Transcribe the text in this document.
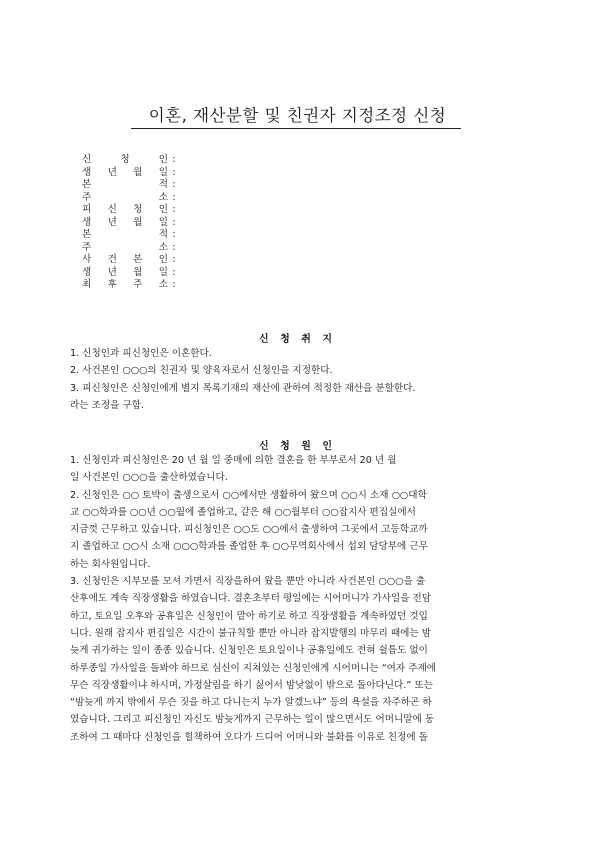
이혼, 재산분할 및 친권자 지정조정 신청
신	청	인 :
생 년 월 일 :
본	적 :
주	소 :
피 신 청 인 :
생 년 월 일 :
본	적 :
주	소 :
사 건 본 인 :
생 년 월 일 :
최 후 주 소 :
신 청 취 지

1. 신청인과 피신청인은 이혼한다.

2. 사건본인 ○○○의 친권자 및 양육자로서 신청인을 지정한다.

3. 피신청인은 신청인에게 별지 목록기재의 재산에 관하여 적정한 재산을 분할한다.

라는 조정을 구함.

신 청 원 인

1. 신청인과 피신청인은 20 년 월 일 중매에 의한 결혼을 한 부부로서 20 년 월

일 사건본인 ○○○을 출산하였습니다.

2. 신청인은 ○○ 토박이 출생으로서 ○○에서만 생활하여 왔으며 ○○시 소재 ○○대학

교 ○○학과를 ○○년 ○○월에 졸업하고, 같은 해 ○○월부터 ○○잡지사 편집실에서

지금껏 근무하고 있습니다. 피신청인은 ○○도 ○○에서 출생하여 그곳에서 고등학교까

지 졸업하고 ○○시 소재 ○○○학과를 졸업한 후 ○○무역회사에서 섭외 담당부에 근무

하는 회사원입니다.

3. 신청인은 시부모를 모셔 가면서 직장을하여 왔을 뿐만 아니라 사건본인 ○○○을 출

산후에도 계속 직장생활을 하였습니다. 결혼초부터 평일에는 시어머니가 가사일을 전담

하고, 토요일 오후와 공휴일은 신청인이 맡아 하기로 하고 직장생활을 계속하였던 것입

니다. 원래 잡지사 편집일은 시간이 불규칙할 뿐만 아니라 잡지발행의 마무리 때에는 밤

늦게 귀가하는 일이 종종 있습니다. 신청인은 토요일이나 공휴일에도 전혀 쉴틈도 없이

하루종일 가사일을 돌봐야 하므로 심신이 지쳐있는 신청인에게 시어머니는 “여자 주제에

무슨 직장생활이냐 하시며, 가정살림을 하기 싫어서 밤낮없이 밖으로 돌아다닌다.” 또는

“밤늦게 까지 밖에서 무슨 짓을 하고 다니는지 누가 알겠느냐” 등의 욕설을 자주하곤 하

였습니다. 그리고 피신청인 자신도 밤늦게까지 근무하는 일이 많으면서도 어머니말에 동

조하여 그 때마다 신청인을 힐책하여 오다가 드디어 어머니와 불화를 이유로 친정에 돌
